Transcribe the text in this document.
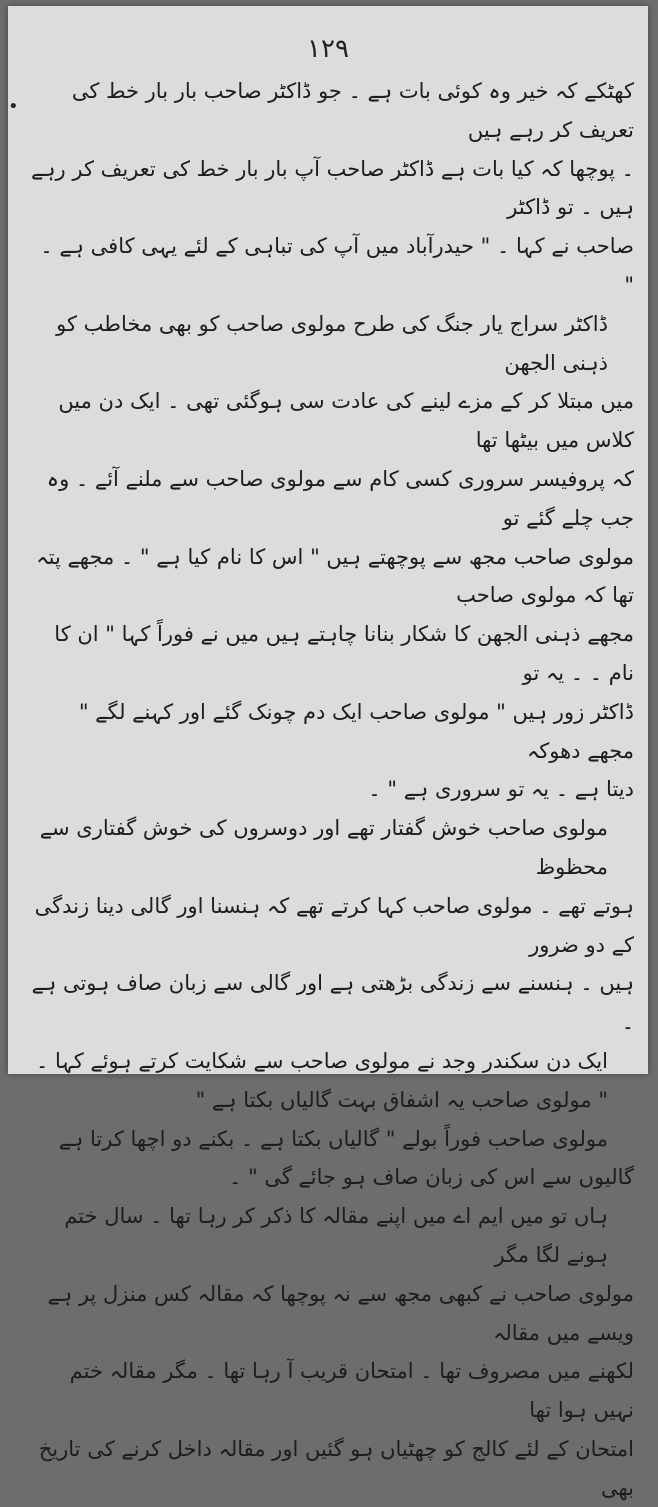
۱۲۹
•

کھٹکے کہ خیر وہ کوئی بات ہے ۔ جو ڈاکٹر صاحب بار بار خط کی تعریف کر رہے ہیں

۔ پوچھا کہ کیا بات ہے ڈاکٹر صاحب آپ بار بار خط کی تعریف کر رہے ہیں ۔ تو ڈاکٹر

صاحب نے کہا ۔ " حیدرآباد میں آپ کی تباہی کے لئے یہی کافی ہے ۔ "

ڈاکٹر سراج یار جنگ کی طرح مولوی صاحب کو بھی مخاطب کو ذہنی الجھن

میں مبتلا کر کے مزے لینے کی عادت سی ہوگئی تھی ۔ ایک دن میں کلاس میں بیٹھا تھا

کہ پروفیسر سروری کسی کام سے مولوی صاحب سے ملنے آئے ۔ وہ جب چلے گئے تو

مولوی صاحب مجھ سے پوچھتے ہیں " اس کا نام کیا ہے " ۔ مجھے پتہ تھا کہ مولوی صاحب

مجھے ذہنی الجھن کا شکار بنانا چاہتے ہیں میں نے فوراً کہا " ان کا نام ۔ ۔ یہ تو

ڈاکٹر زور ہیں " مولوی صاحب ایک دم چونک گئے اور کہنے لگے " مجھے دھوکہ

دیتا ہے ۔ یہ تو سروری ہے " ۔

مولوی صاحب خوش گفتار تھے اور دوسروں کی خوش گفتاری سے محظوظ

ہوتے تھے ۔ مولوی صاحب کہا کرتے تھے کہ ہنسنا اور گالی دینا زندگی کے دو ضرور

ہیں ۔ ہنسنے سے زندگی بڑھتی ہے اور گالی سے زبان صاف ہوتی ہے ۔

ایک دن سکندر وجد نے مولوی صاحب سے شکایت کرتے ہوئے کہا ۔

" مولوی صاحب یہ اشفاق بہت گالیاں بکتا ہے "

مولوی صاحب فوراً بولے " گالیاں بکتا ہے ۔ بکنے دو اچھا کرتا ہے

گالیوں سے اس کی زبان صاف ہو جائے گی " ۔

ہاں تو میں ایم اے میں اپنے مقالہ کا ذکر کر رہا تھا ۔ سال ختم ہونے لگا مگر

مولوی صاحب نے کبھی مجھ سے نہ پوچھا کہ مقالہ کس منزل پر ہے ویسے میں مقالہ

لکھنے میں مصروف تھا ۔ امتحان قریب آ رہا تھا ۔ مگر مقالہ ختم نہیں ہوا تھا

امتحان کے لئے کالج کو چھٹیاں ہو گئیں اور مقالہ داخل کرنے کی تاریخ بھی
